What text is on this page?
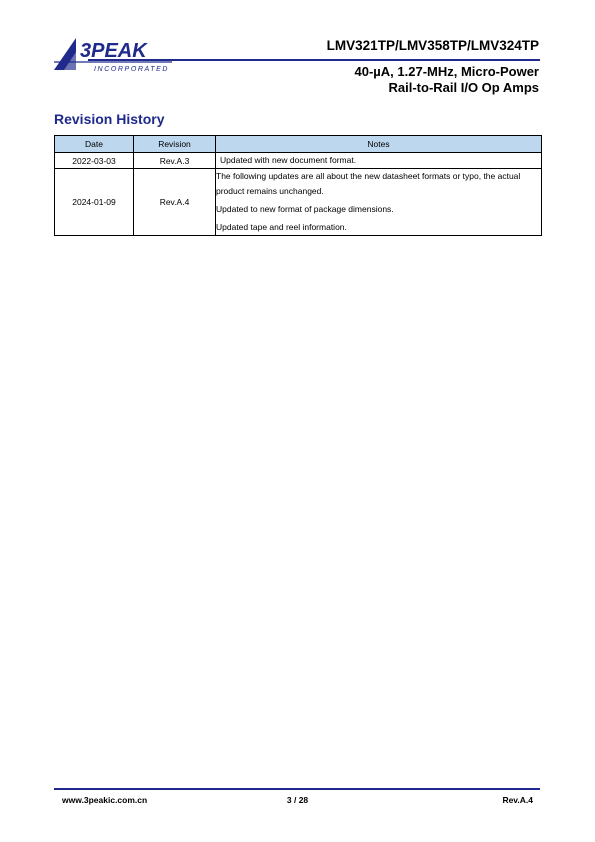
3PEAK
INCORPORATED
LMV321TP/LMV358TP/LMV324TP
40-µA, 1.27-MHz, Micro-Power
Rail-to-Rail I/O Op Amps
Revision History
Date	Revision	Notes
2022-03-03	Rev.A.3	Updated with new document format.

2024-01-09	Rev.A.4	The following updates are all about the new datasheet formats or typo, the actual product remains unchanged.

Updated to new format of package dimensions.

Updated tape and reel information.

www.3peakic.com.cn	3 / 28	Rev.A.4
